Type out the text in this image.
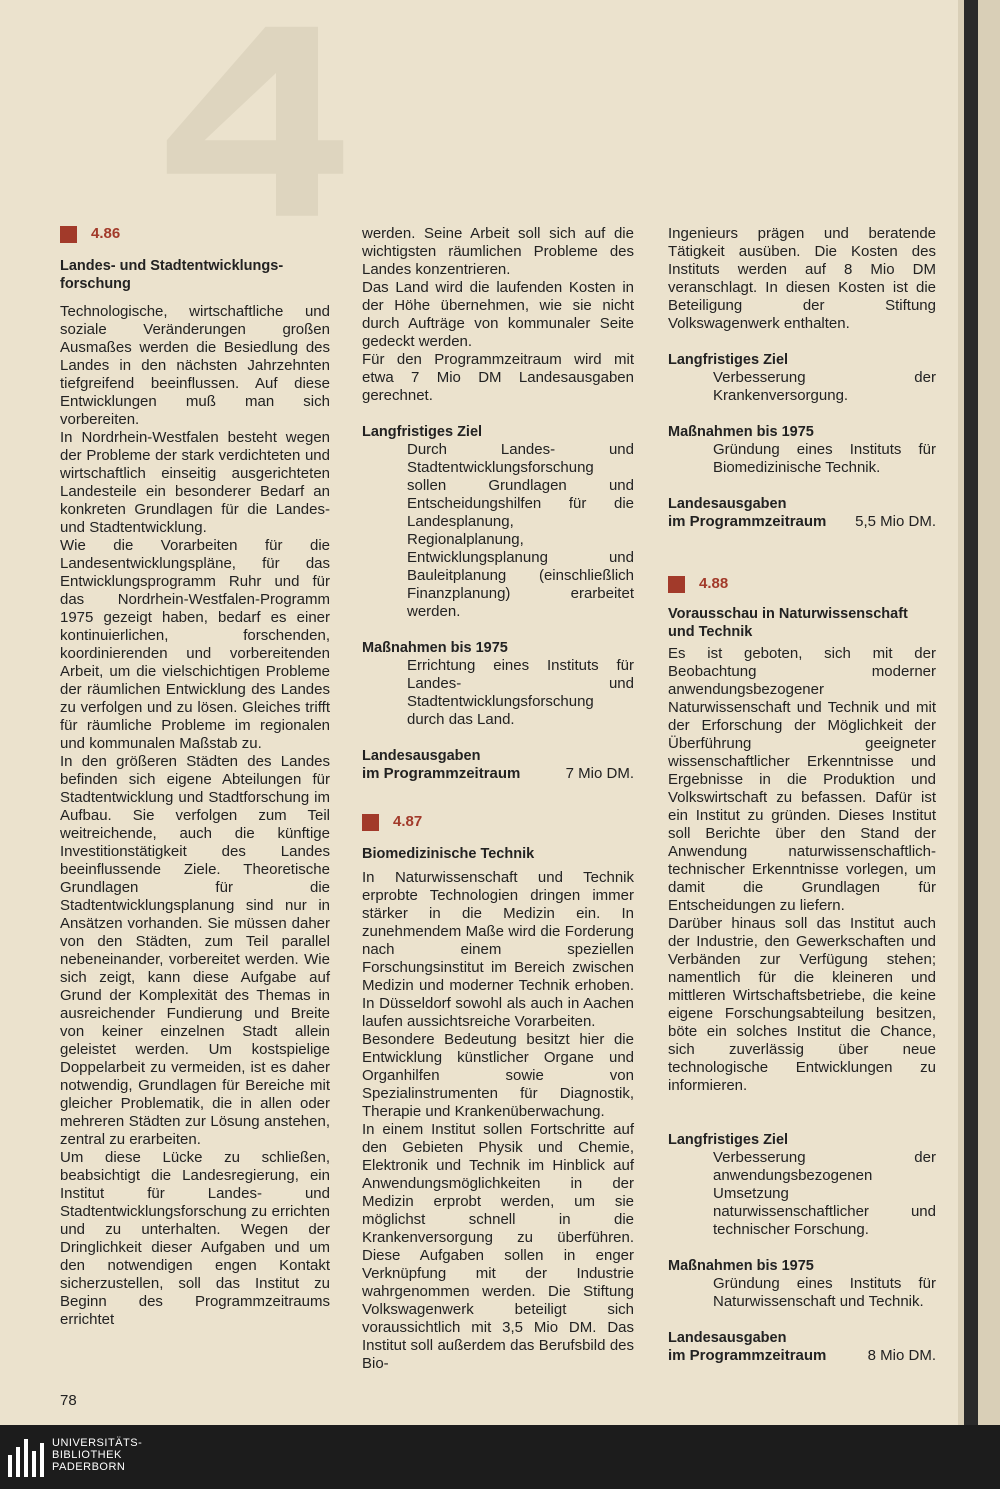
4.86
Landes- und Stadtentwicklungs-forschung

Technologische, wirtschaftliche und soziale Veränderungen großen Ausmaßes werden die Besiedlung des Landes in den nächsten Jahrzehnten tiefgreifend beeinflussen. Auf diese Entwicklungen muß man sich vorbereiten.

In Nordrhein-Westfalen besteht wegen der Probleme der stark verdichteten und wirtschaftlich einseitig ausgerichteten Landesteile ein besonderer Bedarf an konkreten Grundlagen für die Landes- und Stadtentwicklung.

Wie die Vorarbeiten für die Landesentwicklungspläne, für das Entwicklungsprogramm Ruhr und für das Nordrhein-Westfalen-Programm 1975 gezeigt haben, bedarf es einer kontinuierlichen, forschenden, koordinierenden und vorbereitenden Arbeit, um die vielschichtigen Probleme der räumlichen Entwicklung des Landes zu verfolgen und zu lösen. Gleiches trifft für räumliche Probleme im regionalen und kommunalen Maßstab zu.

In den größeren Städten des Landes befinden sich eigene Abteilungen für Stadtentwicklung und Stadtforschung im Aufbau. Sie verfolgen zum Teil weitreichende, auch die künftige Investitionstätigkeit des Landes beeinflussende Ziele. Theoretische Grundlagen für die Stadtentwicklungsplanung sind nur in Ansätzen vorhanden. Sie müssen daher von den Städten, zum Teil parallel nebeneinander, vorbereitet werden. Wie sich zeigt, kann diese Aufgabe auf Grund der Komplexität des Themas in ausreichender Fundierung und Breite von keiner einzelnen Stadt allein geleistet werden. Um kostspielige Doppelarbeit zu vermeiden, ist es daher notwendig, Grundlagen für Bereiche mit gleicher Problematik, die in allen oder mehreren Städten zur Lösung anstehen, zentral zu erarbeiten.

Um diese Lücke zu schließen, beabsichtigt die Landesregierung, ein Institut für Landes- und Stadtentwicklungsforschung zu errichten und zu unterhalten. Wegen der Dringlichkeit dieser Aufgaben und um den notwendigen engen Kontakt sicherzustellen, soll das Institut zu Beginn des Programmzeitraums errichtet

werden. Seine Arbeit soll sich auf die wichtigsten räumlichen Probleme des Landes konzentrieren.

Das Land wird die laufenden Kosten in der Höhe übernehmen, wie sie nicht durch Aufträge von kommunaler Seite gedeckt werden.

Für den Programmzeitraum wird mit etwa 7 Mio DM Landesausgaben gerechnet.

Langfristiges Ziel

Durch Landes- und Stadtentwicklungsforschung sollen Grundlagen und Entscheidungshilfen für die Landesplanung, Regionalplanung, Entwicklungsplanung und Bauleitplanung (einschließlich Finanzplanung) erarbeitet werden.

Maßnahmen bis 1975

Errichtung eines Instituts für Landes- und Stadtentwicklungsforschung durch das Land.

Landesausgaben
im Programmzeitraum	7 Mio DM.
4.87
Biomedizinische Technik

In Naturwissenschaft und Technik erprobte Technologien dringen immer stärker in die Medizin ein. In zunehmendem Maße wird die Forderung nach einem speziellen Forschungsinstitut im Bereich zwischen Medizin und moderner Technik erhoben. In Düsseldorf sowohl als auch in Aachen laufen aussichtsreiche Vorarbeiten.

Besondere Bedeutung besitzt hier die Entwicklung künstlicher Organe und Organhilfen sowie von Spezialinstrumenten für Diagnostik, Therapie und Krankenüberwachung.

In einem Institut sollen Fortschritte auf den Gebieten Physik und Chemie, Elektronik und Technik im Hinblick auf Anwendungsmöglichkeiten in der Medizin erprobt werden, um sie möglichst schnell in die Krankenversorgung zu überführen. Diese Aufgaben sollen in enger Verknüpfung mit der Industrie wahrgenommen werden. Die Stiftung Volkswagenwerk beteiligt sich voraussichtlich mit 3,5 Mio DM. Das Institut soll außerdem das Berufsbild des Bio-

Ingenieurs prägen und beratende Tätigkeit ausüben. Die Kosten des Instituts werden auf 8 Mio DM veranschlagt. In diesen Kosten ist die Beteiligung der Stiftung Volkswagenwerk enthalten.

Langfristiges Ziel

Verbesserung der Krankenversorgung.

Maßnahmen bis 1975

Gründung eines Instituts für Biomedizinische Technik.

Landesausgaben
im Programmzeitraum 5,5 Mio DM.
4.88
Vorausschau in Naturwissenschaft und Technik

Es ist geboten, sich mit der Beobachtung moderner anwendungsbezogener Naturwissenschaft und Technik und mit der Erforschung der Möglichkeit der Überführung geeigneter wissenschaftlicher Erkenntnisse und Ergebnisse in die Produktion und Volkswirtschaft zu befassen. Dafür ist ein Institut zu gründen. Dieses Institut soll Berichte über den Stand der Anwendung naturwissenschaftlich-technischer Erkenntnisse vorlegen, um damit die Grundlagen für Entscheidungen zu liefern.

Darüber hinaus soll das Institut auch der Industrie, den Gewerkschaften und Verbänden zur Verfügung stehen; namentlich für die kleineren und mittleren Wirtschaftsbetriebe, die keine eigene Forschungsabteilung besitzen, böte ein solches Institut die Chance, sich zuverlässig über neue technologische Entwicklungen zu informieren.

Langfristiges Ziel

Verbesserung der anwendungsbezogenen Umsetzung naturwissenschaftlicher und technischer Forschung.

Maßnahmen bis 1975

Gründung eines Instituts für Naturwissenschaft und Technik.

Landesausgaben
im Programmzeitraum	8 Mio DM.
78
UNIVERSITÄTS-
BIBLIOTHEK
PADERBORN
